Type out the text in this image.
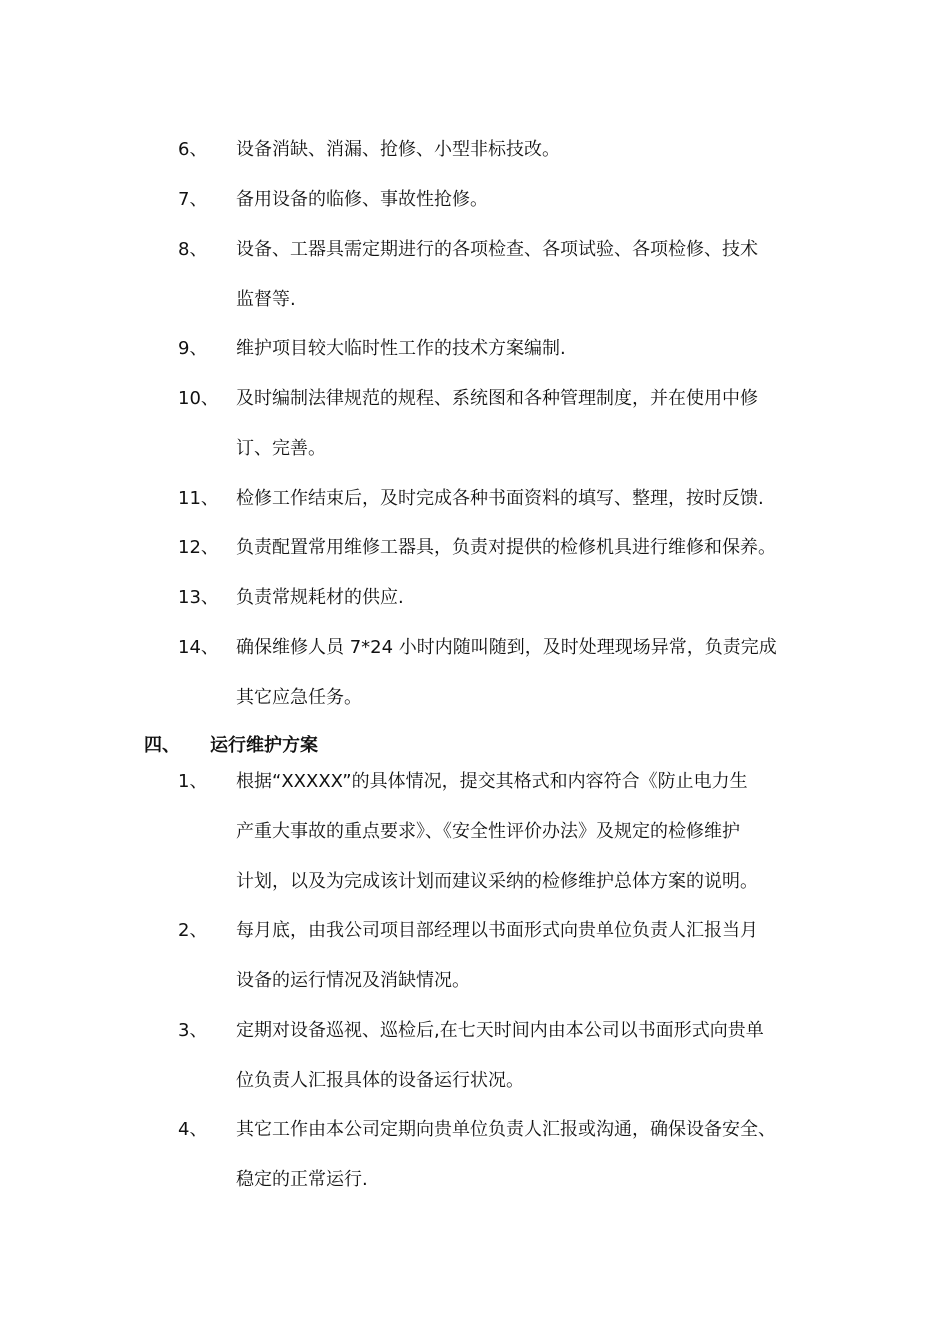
6、 设备消缺、消漏、抢修、小型非标技改。
7、 备用设备的临修、事故性抢修。
8、 设备、工器具需定期进行的各项检查、各项试验、各项检修、技术
监督等.
9、 维护项目较大临时性工作的技术方案编制.
10、 及时编制法律规范的规程、系统图和各种管理制度，并在使用中修
订、完善。
11、 检修工作结束后，及时完成各种书面资料的填写、整理，按时反馈.
12、 负责配置常用维修工器具，负责对提供的检修机具进行维修和保养。
13、 负责常规耗材的供应.
14、 确保维修人员 7*24 小时内随叫随到，及时处理现场异常，负责完成
其它应急任务。
四、 运行维护方案
1、 根据“XXXXX”的具体情况，提交其格式和内容符合《防止电力生
产重大事故的重点要求》、《安全性评价办法》及规定的检修维护
计划，以及为完成该计划而建议采纳的检修维护总体方案的说明。
2、 每月底，由我公司项目部经理以书面形式向贵单位负责人汇报当月
设备的运行情况及消缺情况。
3、 定期对设备巡视、巡检后,在七天时间内由本公司以书面形式向贵单
位负责人汇报具体的设备运行状况。
4、 其它工作由本公司定期向贵单位负责人汇报或沟通，确保设备安全、
稳定的正常运行.
